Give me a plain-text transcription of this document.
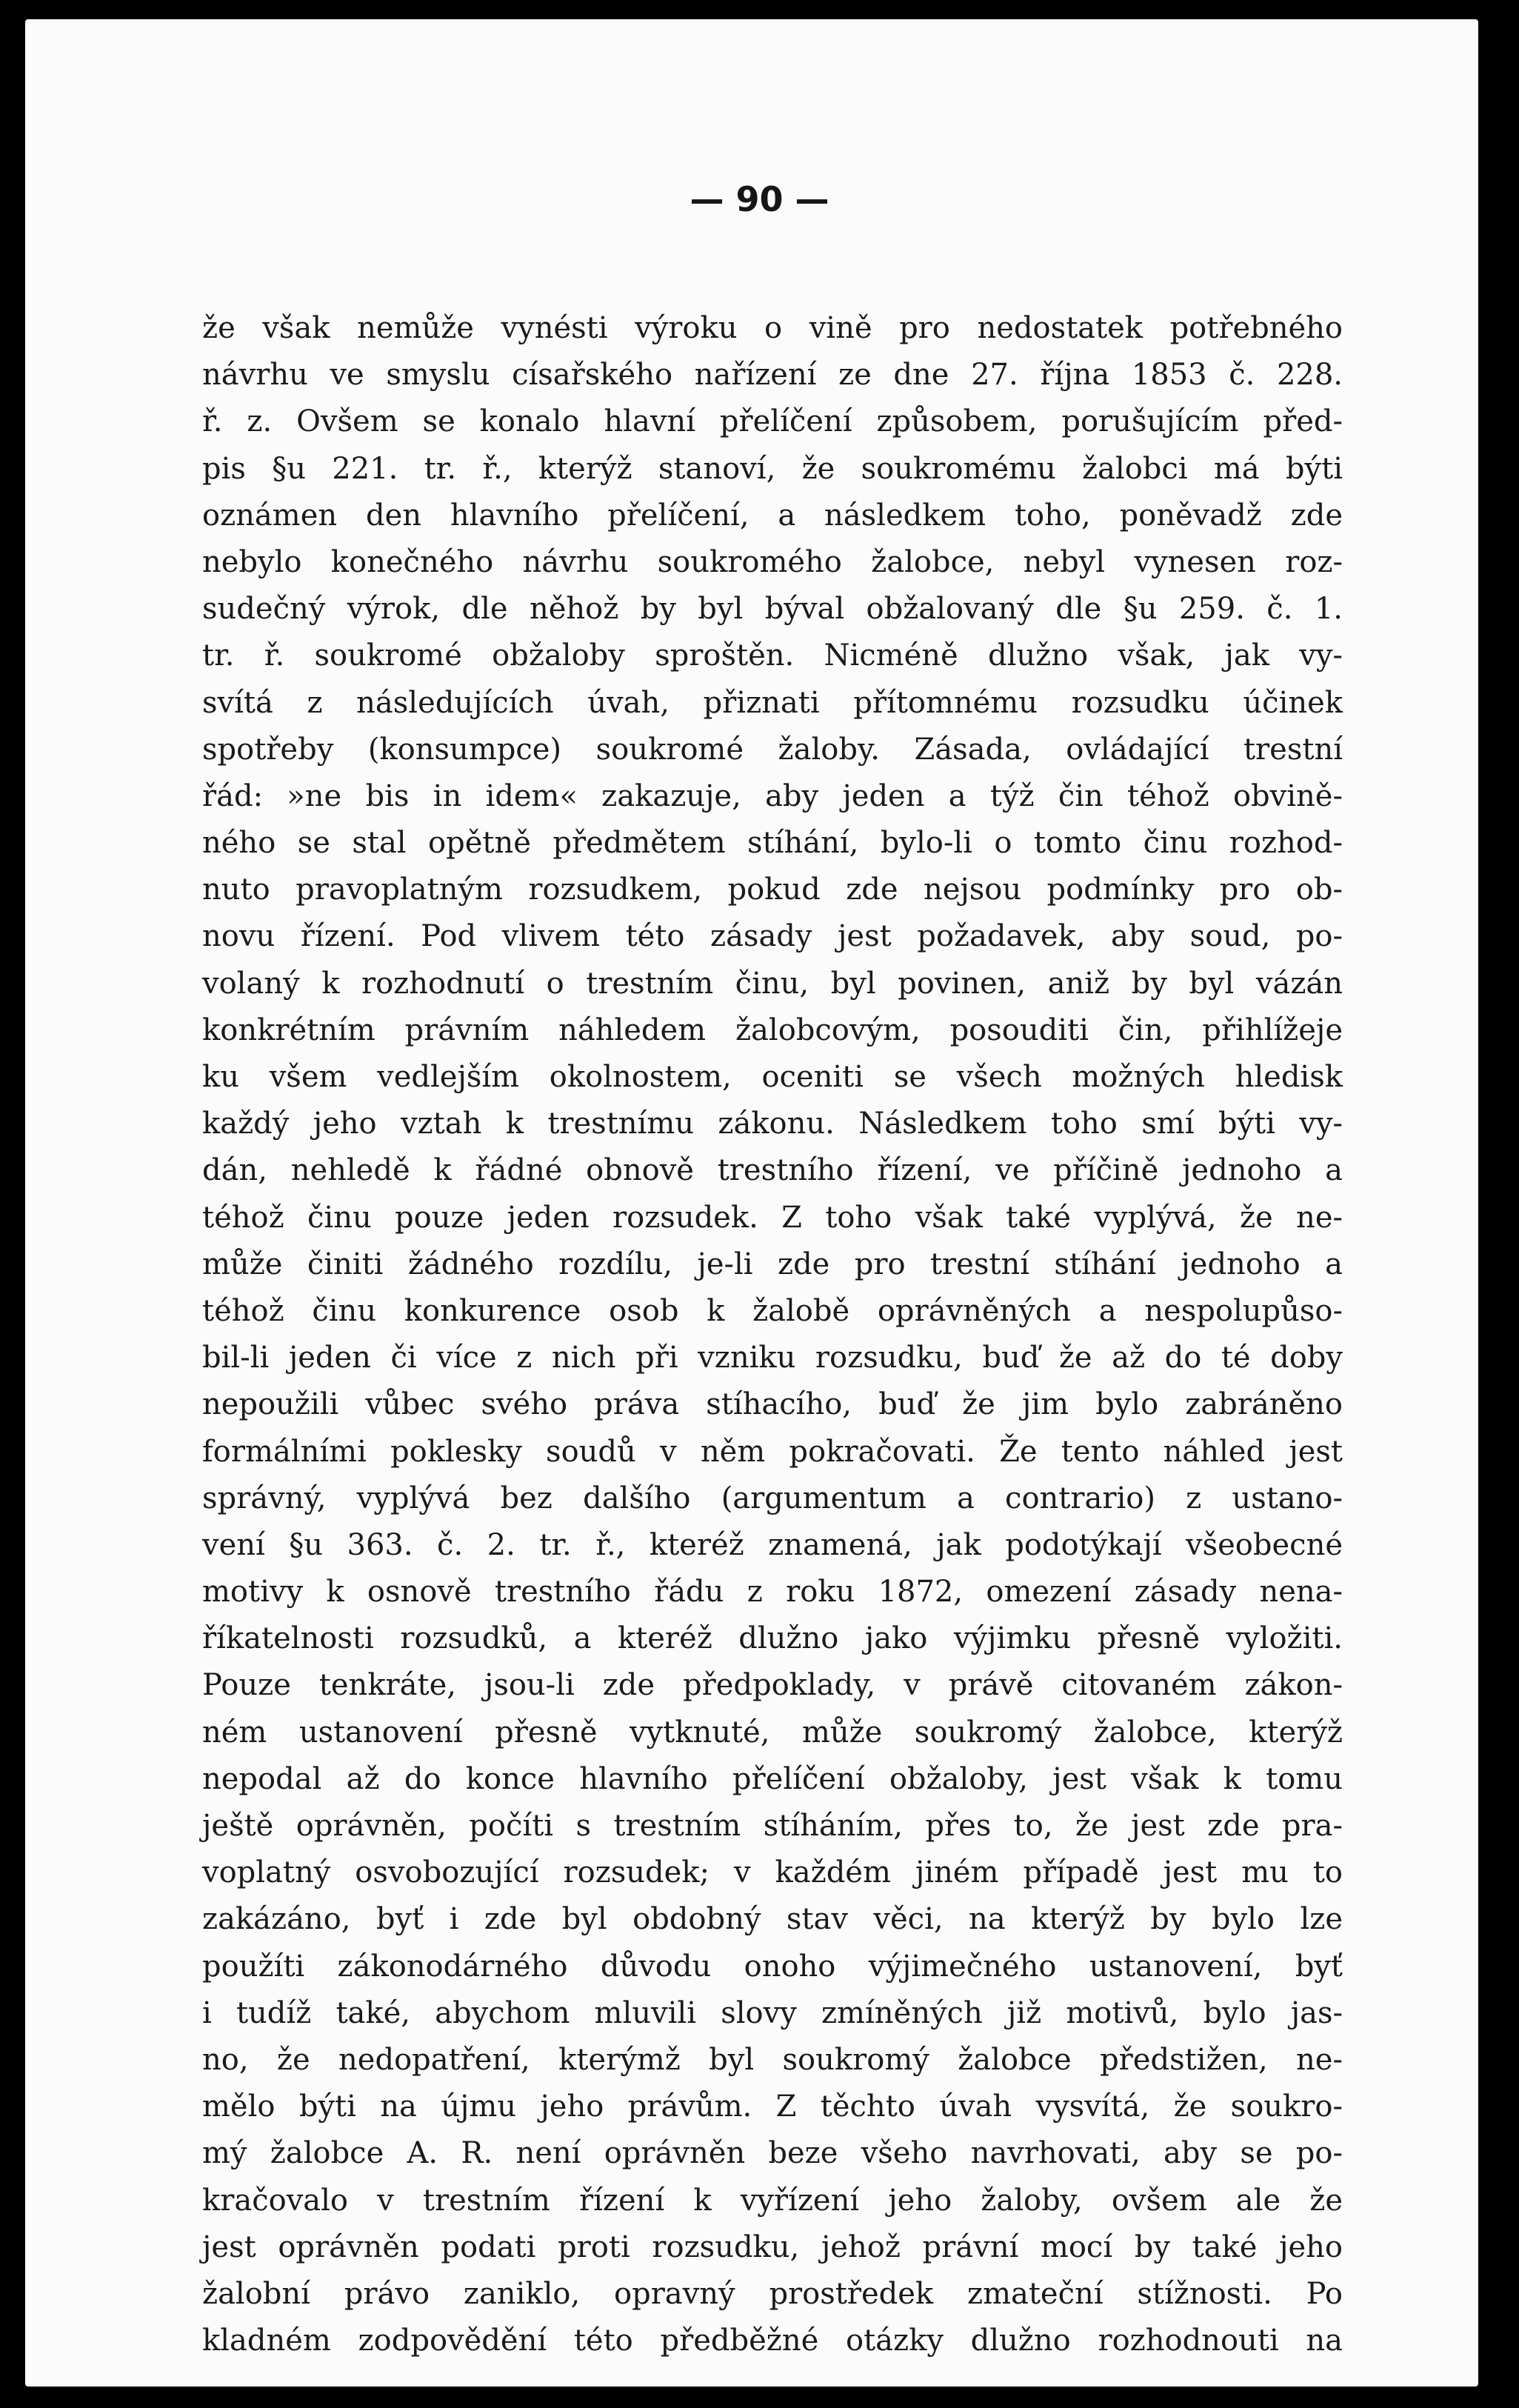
— 90 —
že však nemůže vynésti výroku o vině pro nedostatek potřebného
návrhu ve smyslu císařského nařízení ze dne 27. října 1853 č. 228.
ř. z. Ovšem se konalo hlavní přelíčení způsobem, porušujícím před-
pis §u 221. tr. ř., kterýž stanoví, že soukromému žalobci má býti
oznámen den hlavního přelíčení, a následkem toho, poněvadž zde
nebylo konečného návrhu soukromého žalobce, nebyl vynesen roz-
sudečný výrok, dle něhož by byl býval obžalovaný dle §u 259. č. 1.
tr. ř. soukromé obžaloby sproštěn. Nicméně dlužno však, jak vy-
svítá z následujících úvah, přiznati přítomnému rozsudku účinek
spotřeby (konsumpce) soukromé žaloby. Zásada, ovládající trestní
řád: »ne bis in idem« zakazuje, aby jeden a týž čin téhož obvině-
ného se stal opětně předmětem stíhání, bylo-li o tomto činu rozhod-
nuto pravoplatným rozsudkem, pokud zde nejsou podmínky pro ob-
novu řízení. Pod vlivem této zásady jest požadavek, aby soud, po-
volaný k rozhodnutí o trestním činu, byl povinen, aniž by byl vázán
konkrétním právním náhledem žalobcovým, posouditi čin, přihlížeje
ku všem vedlejším okolnostem, oceniti se všech možných hledisk
každý jeho vztah k trestnímu zákonu. Následkem toho smí býti vy-
dán, nehledě k řádné obnově trestního řízení, ve příčině jednoho a
téhož činu pouze jeden rozsudek. Z toho však také vyplývá, že ne-
může činiti žádného rozdílu, je-li zde pro trestní stíhání jednoho a
téhož činu konkurence osob k žalobě oprávněných a nespolupůso-
bil-li jeden či více z nich při vzniku rozsudku, buď že až do té doby
nepoužili vůbec svého práva stíhacího, buď že jim bylo zabráněno
formálními poklesky soudů v něm pokračovati. Že tento náhled jest
správný, vyplývá bez dalšího (argumentum a contrario) z ustano-
vení §u 363. č. 2. tr. ř., kteréž znamená, jak podotýkají všeobecné
motivy k osnově trestního řádu z roku 1872, omezení zásady nena-
říkatelnosti rozsudků, a kteréž dlužno jako výjimku přesně vyložiti.
Pouze tenkráte, jsou-li zde předpoklady, v právě citovaném zákon-
ném ustanovení přesně vytknuté, může soukromý žalobce, kterýž
nepodal až do konce hlavního přelíčení obžaloby, jest však k tomu
ještě oprávněn, počíti s trestním stíháním, přes to, že jest zde pra-
voplatný osvobozující rozsudek; v každém jiném případě jest mu to
zakázáno, byť i zde byl obdobný stav věci, na kterýž by bylo lze
použíti zákonodárného důvodu onoho výjimečného ustanovení, byť
i tudíž také, abychom mluvili slovy zmíněných již motivů, bylo jas-
no, že nedopatření, kterýmž byl soukromý žalobce předstižen, ne-
mělo býti na újmu jeho právům. Z těchto úvah vysvítá, že soukro-
mý žalobce A. R. není oprávněn beze všeho navrhovati, aby se po-
kračovalo v trestním řízení k vyřízení jeho žaloby, ovšem ale že
jest oprávněn podati proti rozsudku, jehož právní mocí by také jeho
žalobní právo zaniklo, opravný prostředek zmateční stížnosti. Po
kladném zodpovědění této předběžné otázky dlužno rozhodnouti na
